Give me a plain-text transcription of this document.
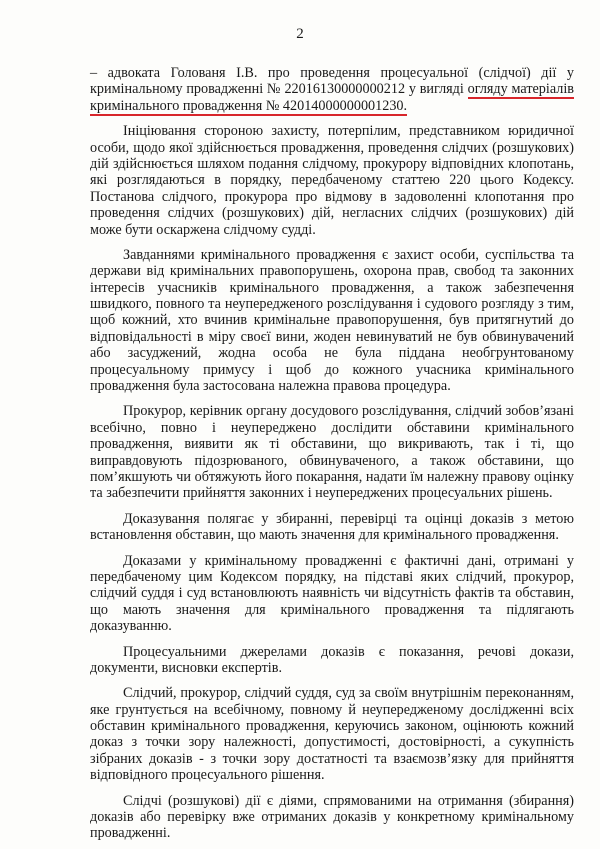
2
– адвоката Голованя І.В. про проведення процесуальної (слідчої) дії у
кримінальному провадженні № 22016130000000212 у вигляді огляду матеріалів
кримінального провадження № 42014000000001230.
Ініціювання стороною захисту, потерпілим, представником юридичної
особи, щодо якої здійснюється провадження, проведення слідчих (розшукових)
дій здійснюється шляхом подання слідчому, прокурору відповідних клопотань,
які розглядаються в порядку, передбаченому статтею 220 цього Кодексу.
Постанова слідчого, прокурора про відмову в задоволенні клопотання про
проведення слідчих (розшукових) дій, негласних слідчих (розшукових) дій
може бути оскаржена слідчому судді.
Завданнями кримінального провадження є захист особи, суспільства та
держави від кримінальних правопорушень, охорона прав, свобод та законних
інтересів учасників кримінального провадження, а також забезпечення
швидкого, повного та неупередженого розслідування і судового розгляду з тим,
щоб кожний, хто вчинив кримінальне правопорушення, був притягнутий до
відповідальності в міру своєї вини, жоден невинуватий не був обвинувачений
або засуджений, жодна особа не була піддана необгрунтованому
процесуальному примусу і щоб до кожного учасника кримінального
провадження була застосована належна правова процедура.
Прокурор, керівник органу досудового розслідування, слідчий зобов’язані
всебічно, повно і неупереджено дослідити обставини кримінального
провадження, виявити як ті обставини, що викривають, так і ті, що
виправдовують підозрюваного, обвинуваченого, а також обставини, що
пом’якшують чи обтяжують його покарання, надати їм належну правову оцінку
та забезпечити прийняття законних і неупереджених процесуальних рішень.
Доказування полягає у збиранні, перевірці та оцінці доказів з метою
встановлення обставин, що мають значення для кримінального провадження.
Доказами у кримінальному провадженні є фактичні дані, отримані у
передбаченому цим Кодексом порядку, на підставі яких слідчий, прокурор,
слідчий суддя і суд встановлюють наявність чи відсутність фактів та обставин,
що мають значення для кримінального провадження та підлягають
доказуванню.
Процесуальними джерелами доказів є показання, речові докази,
документи, висновки експертів.
Слідчий, прокурор, слідчий суддя, суд за своїм внутрішнім переконанням,
яке грунтується на всебічному, повному й неупередженому дослідженні всіх
обставин кримінального провадження, керуючись законом, оцінюють кожний
доказ з точки зору належності, допустимості, достовірності, а сукупність
зібраних доказів - з точки зору достатності та взаємозв’язку для прийняття
відповідного процесуального рішення.
Слідчі (розшукові) дії є діями, спрямованими на отримання (збирання)
доказів або перевірку вже отриманих доказів у конкретному кримінальному
провадженні.
